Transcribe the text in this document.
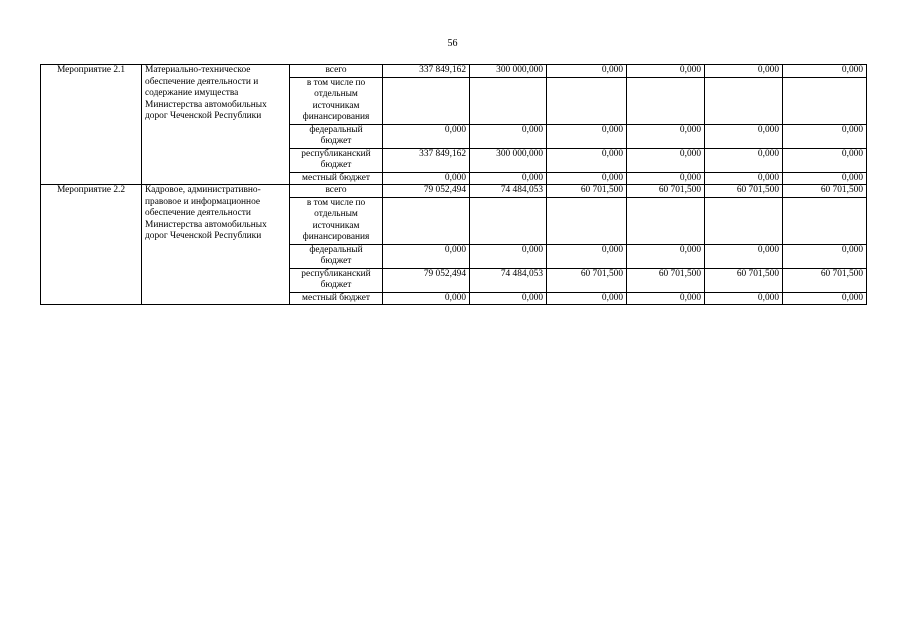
56
Мероприятие 2.1	Материально-техническое обеспечение деятельности и содержание имущества Министерства автомобильных дорог Чеченской Республики	всего	337 849,162	300 000,000	0,000	0,000	0,000	0,000
		в том числе по отдельным источникам финансирования						
		федеральный бюджет	0,000	0,000	0,000	0,000	0,000	0,000
		республиканский бюджет	337 849,162	300 000,000	0,000	0,000	0,000	0,000
		местный бюджет	0,000	0,000	0,000	0,000	0,000	0,000
Мероприятие 2.2	Кадровое, административно-правовое и информационное обеспечение деятельности Министерства автомобильных дорог Чеченской Республики	всего	79 052,494	74 484,053	60 701,500	60 701,500	60 701,500	60 701,500
		в том числе по отдельным источникам финансирования						
		федеральный бюджет	0,000	0,000	0,000	0,000	0,000	0,000
		республиканский бюджет	79 052,494	74 484,053	60 701,500	60 701,500	60 701,500	60 701,500
		местный бюджет	0,000	0,000	0,000	0,000	0,000	0,000
